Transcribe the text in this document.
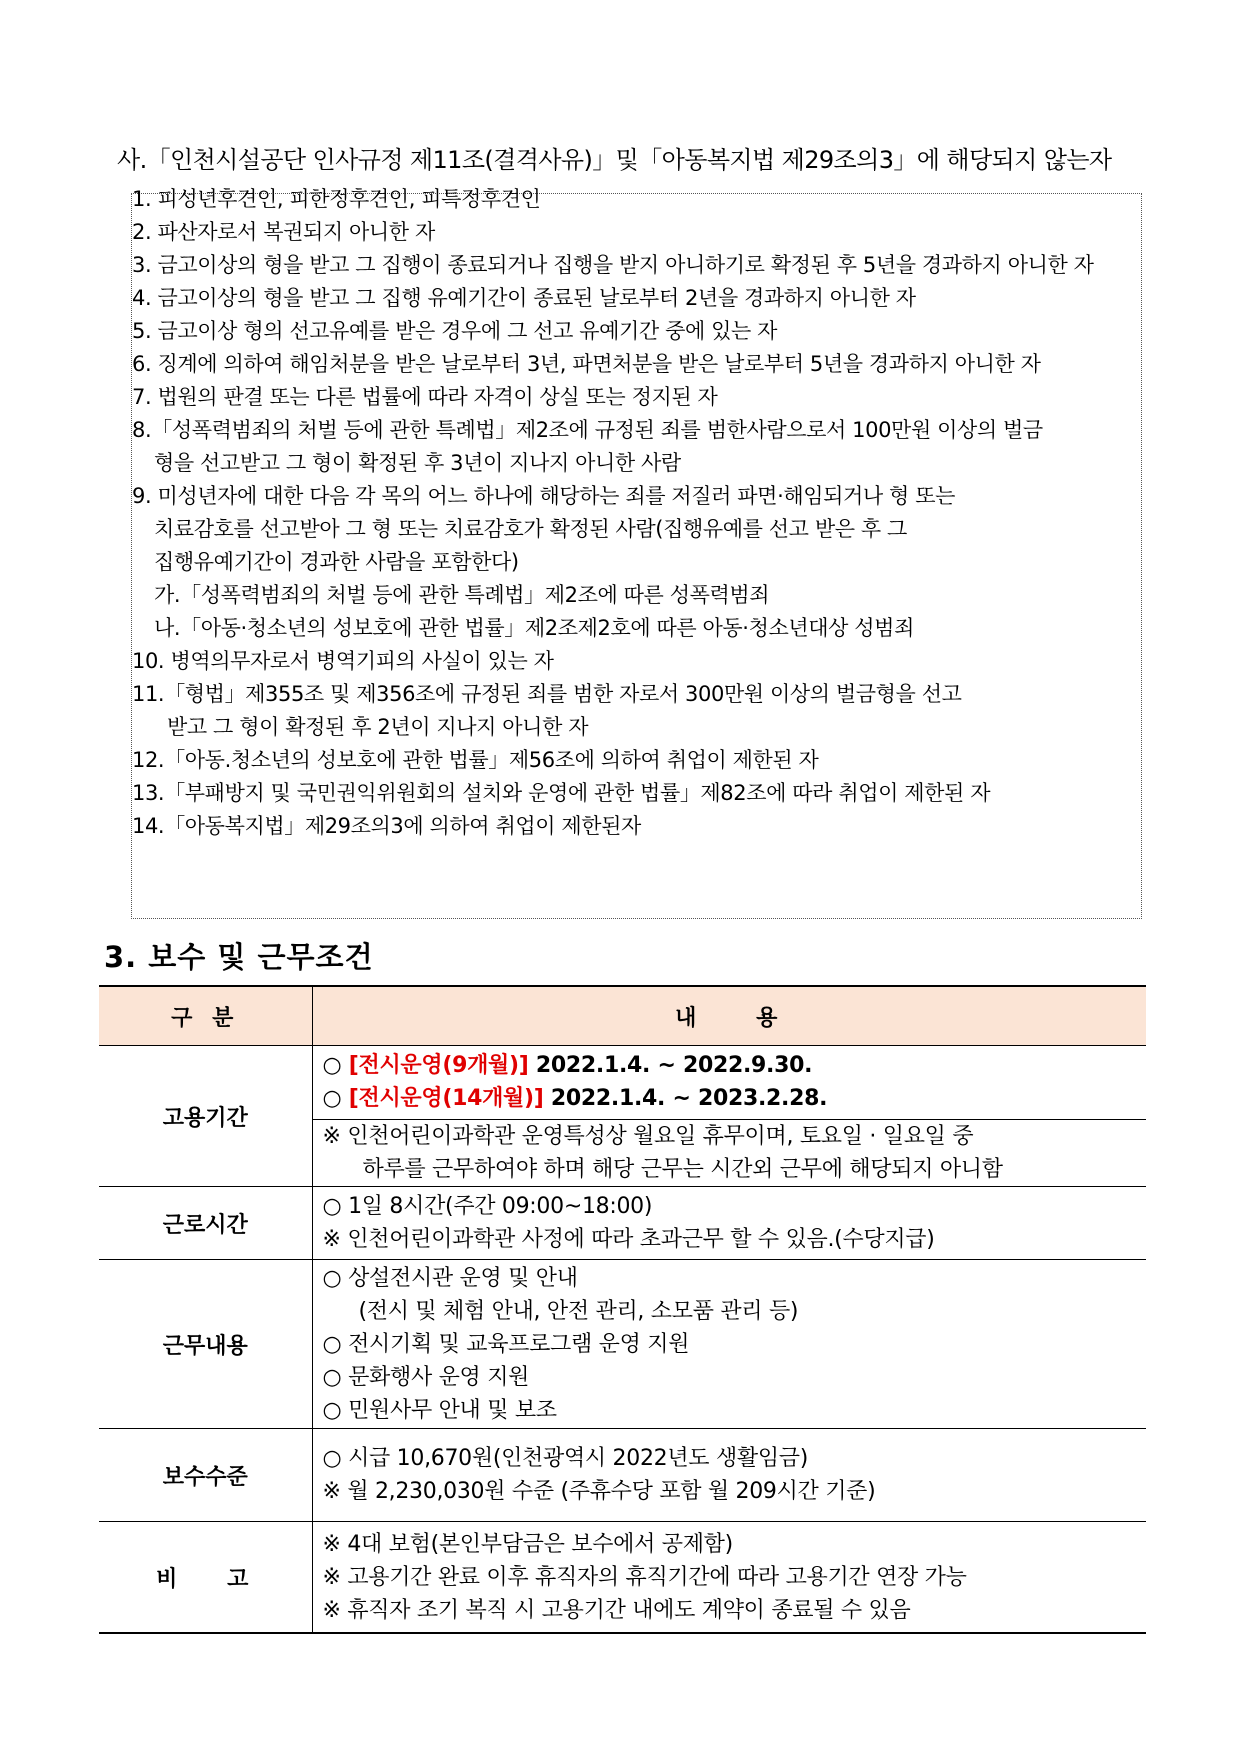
사.「인천시설공단 인사규정 제11조(결격사유)」및「아동복지법 제29조의3」에 해당되지 않는자
1. 피성년후견인, 피한정후견인, 피특정후견인
2. 파산자로서 복권되지 아니한 자
3. 금고이상의 형을 받고 그 집행이 종료되거나 집행을 받지 아니하기로 확정된 후 5년을 경과하지 아니한 자
4. 금고이상의 형을 받고 그 집행 유예기간이 종료된 날로부터 2년을 경과하지 아니한 자
5. 금고이상 형의 선고유예를 받은 경우에 그 선고 유예기간 중에 있는 자
6. 징계에 의하여 해임처분을 받은 날로부터 3년, 파면처분을 받은 날로부터 5년을 경과하지 아니한 자
7. 법원의 판결 또는 다른 법률에 따라 자격이 상실 또는 정지된 자
8.「성폭력범죄의 처벌 등에 관한 특례법」제2조에 규정된 죄를 범한사람으로서 100만원 이상의 벌금
형을 선고받고 그 형이 확정된 후 3년이 지나지 아니한 사람
9. 미성년자에 대한 다음 각 목의 어느 하나에 해당하는 죄를 저질러 파면·해임되거나 형 또는
치료감호를 선고받아 그 형 또는 치료감호가 확정된 사람(집행유예를 선고 받은 후 그
집행유예기간이 경과한 사람을 포함한다)
가.「성폭력범죄의 처벌 등에 관한 특례법」제2조에 따른 성폭력범죄
나.「아동·청소년의 성보호에 관한 법률」제2조제2호에 따른 아동·청소년대상 성범죄
10. 병역의무자로서 병역기피의 사실이 있는 자
11.「형법」제355조 및 제356조에 규정된 죄를 범한 자로서 300만원 이상의 벌금형을 선고
받고 그 형이 확정된 후 2년이 지나지 아니한 자
12.「아동.청소년의 성보호에 관한 법률」제56조에 의하여 취업이 제한된 자
13.「부패방지 및 국민권익위원회의 설치와 운영에 관한 법률」제82조에 따라 취업이 제한된 자
14.「아동복지법」제29조의3에 의하여 취업이 제한된자
3. 보수 및 근무조건
구 분	내 용
고용기간	○ [전시운영(9개월)] 2022.1.4. ~ 2022.9.30.
○ [전시운영(14개월)] 2022.1.4. ~ 2023.2.28.

	※ 인천어린이과학관 운영특성상 월요일 휴무이며, 토요일 · 일요일 중
하루를 근무하여야 하며 해당 근무는 시간외 근무에 해당되지 아니함

근로시간	○ 1일 8시간(주간 09:00~18:00)
※ 인천어린이과학관 사정에 따라 초과근무 할 수 있음.(수당지급)

근무내용	○ 상설전시관 운영 및 안내
(전시 및 체험 안내, 안전 관리, 소모품 관리 등)
○ 전시기획 및 교육프로그램 운영 지원
○ 문화행사 운영 지원
○ 민원사무 안내 및 보조

보수수준	○ 시급 10,670원(인천광역시 2022년도 생활임금)
※ 월 2,230,030원 수준 (주휴수당 포함 월 209시간 기준)

비 고	※ 4대 보험(본인부담금은 보수에서 공제함)
※ 고용기간 완료 이후 휴직자의 휴직기간에 따라 고용기간 연장 가능
※ 휴직자 조기 복직 시 고용기간 내에도 계약이 종료될 수 있음
